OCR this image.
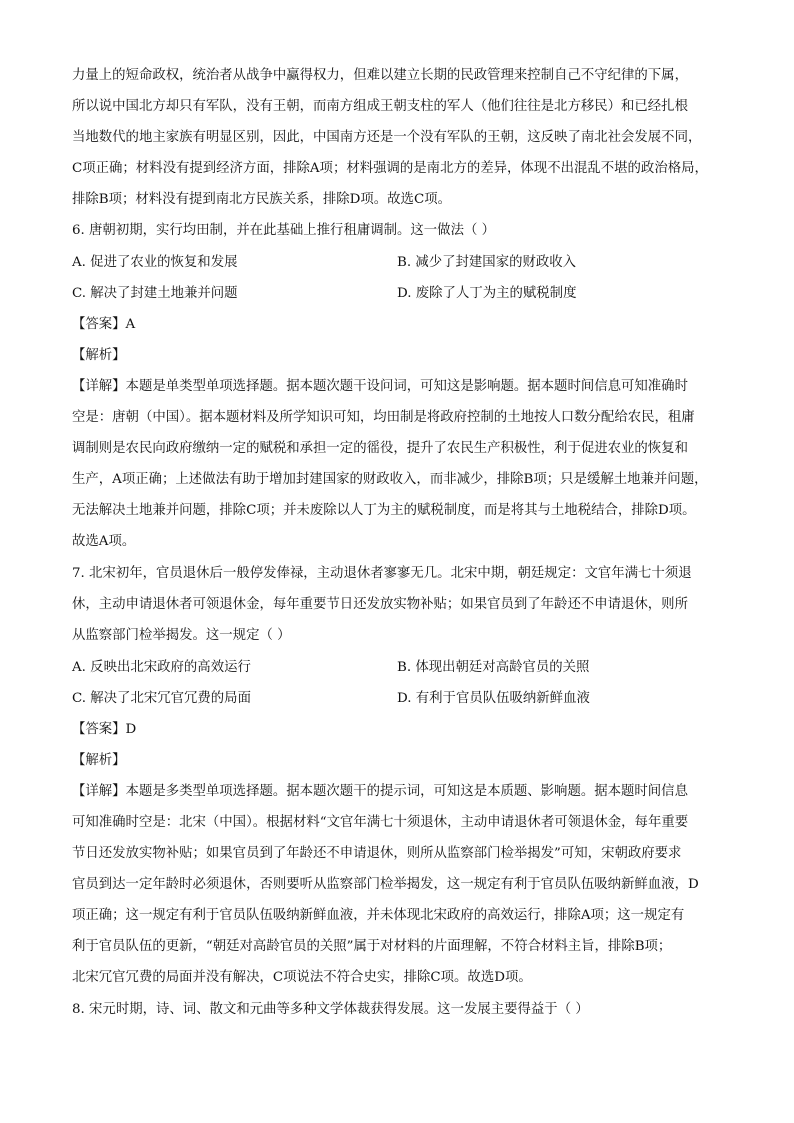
力量上的短命政权，统治者从战争中赢得权力，但难以建立长期的民政管理来控制自己不守纪律的下属，
所以说中国北方却只有军队，没有王朝，而南方组成王朝支柱的军人（他们往往是北方移民）和已经扎根
当地数代的地主家族有明显区别，因此，中国南方还是一个没有军队的王朝，这反映了南北社会发展不同，
C项正确；材料没有提到经济方面，排除A项；材料强调的是南北方的差异，体现不出混乱不堪的政治格局，
排除B项；材料没有提到南北方民族关系，排除D项。故选C项。
6. 唐朝初期，实行均田制，并在此基础上推行租庸调制。这一做法（ ）
A. 促进了农业的恢复和发展	B. 减少了封建国家的财政收入
C. 解决了封建土地兼并问题	D. 废除了人丁为主的赋税制度
【答案】A
【解析】
【详解】本题是单类型单项选择题。据本题次题干设问词，可知这是影响题。据本题时间信息可知准确时
空是：唐朝（中国）。据本题材料及所学知识可知，均田制是将政府控制的土地按人口数分配给农民，租庸
调制则是农民向政府缴纳一定的赋税和承担一定的徭役，提升了农民生产积极性，利于促进农业的恢复和
生产，A项正确；上述做法有助于增加封建国家的财政收入，而非减少，排除B项；只是缓解土地兼并问题，
无法解决土地兼并问题，排除C项；并未废除以人丁为主的赋税制度，而是将其与土地税结合，排除D项。
故选A项。
7. 北宋初年，官员退休后一般停发俸禄，主动退休者寥寥无几。北宋中期，朝廷规定：文官年满七十须退
休，主动申请退休者可领退休金，每年重要节日还发放实物补贴；如果官员到了年龄还不申请退休，则所
从监察部门检举揭发。这一规定（ ）
A. 反映出北宋政府的高效运行	B. 体现出朝廷对高龄官员的关照
C. 解决了北宋冗官冗费的局面	D. 有利于官员队伍吸纳新鲜血液
【答案】D
【解析】
【详解】本题是多类型单项选择题。据本题次题干的提示词，可知这是本质题、影响题。据本题时间信息
可知准确时空是：北宋（中国）。根据材料“文官年满七十须退休，主动申请退休者可领退休金，每年重要
节日还发放实物补贴；如果官员到了年龄还不申请退休，则所从监察部门检举揭发”可知，宋朝政府要求
官员到达一定年龄时必须退休，否则要听从监察部门检举揭发，这一规定有利于官员队伍吸纳新鲜血液，D
项正确；这一规定有利于官员队伍吸纳新鲜血液，并未体现北宋政府的高效运行，排除A项；这一规定有
利于官员队伍的更新，“朝廷对高龄官员的关照”属于对材料的片面理解，不符合材料主旨，排除B项；
北宋冗官冗费的局面并没有解决，C项说法不符合史实，排除C项。故选D项。
8. 宋元时期，诗、词、散文和元曲等多种文学体裁获得发展。这一发展主要得益于（ ）
